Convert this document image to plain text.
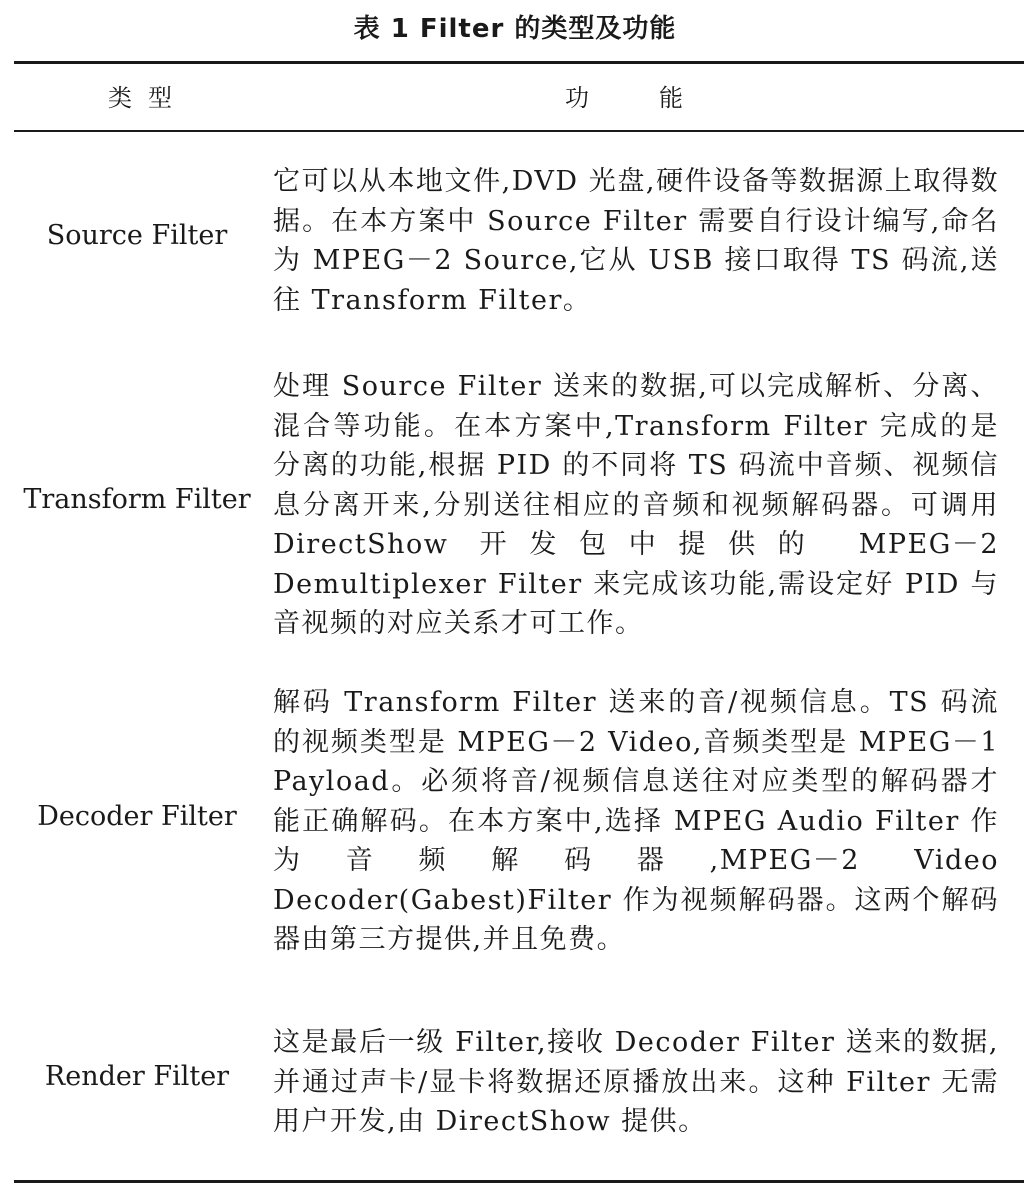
表 1 Filter 的类型及功能
类型	功能
Source Filter
它可以从本地文件,DVD 光盘,硬件设备等数据源上取得数据。在本方案中 Source Filter 需要自行设计编写,命名为 MPEG－2 Source,它从 USB 接口取得 TS 码流,送往 Transform Filter。
Transform Filter
处理 Source Filter 送来的数据,可以完成解析、分离、混合等功能。在本方案中,Transform Filter 完成的是分离的功能,根据 PID 的不同将 TS 码流中音频、视频信息分离开来,分别送往相应的音频和视频解码器。可调用 DirectShow 开发包中提供的 MPEG－2 Demultiplexer Filter 来完成该功能,需设定好 PID 与音视频的对应关系才可工作。
Decoder Filter
解码 Transform Filter 送来的音/视频信息。TS 码流的视频类型是 MPEG－2 Video,音频类型是 MPEG－1 Payload。必须将音/视频信息送往对应类型的解码器才能正确解码。在本方案中,选择 MPEG Audio Filter 作为音频解码器,MPEG－2 Video Decoder(Gabest)Filter 作为视频解码器。这两个解码器由第三方提供,并且免费。
Render Filter
这是最后一级 Filter,接收 Decoder Filter 送来的数据,并通过声卡/显卡将数据还原播放出来。这种 Filter 无需用户开发,由 DirectShow 提供。
